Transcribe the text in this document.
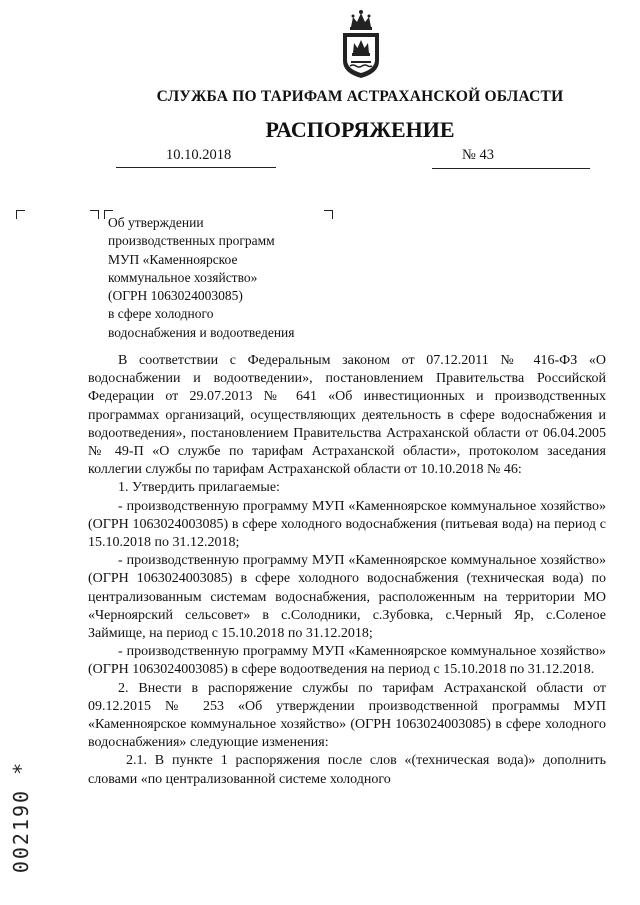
СЛУЖБА ПО ТАРИФАМ АСТРАХАНСКОЙ ОБЛАСТИ
РАСПОРЯЖЕНИЕ
10.10.2018	№ 43
Об утверждении
производственных программ
МУП «Каменноярское
коммунальное хозяйство»
(ОГРН 1063024003085)
в сфере холодного
водоснабжения и водоотведения

В соответствии с Федеральным законом от 07.12.2011 № 416-ФЗ «О водоснабжении и водоотведении», постановлением Правительства Российской Федерации от 29.07.2013 № 641 «Об инвестиционных и производственных программах организаций, осуществляющих деятельность в сфере водоснабжения и водоотведения», постановлением Правительства Астраханской области от 06.04.2005 № 49-П «О службе по тарифам Астраханской области», протоколом заседания коллегии службы по тарифам Астраханской области от 10.10.2018 № 46:

1. Утвердить прилагаемые:

- производственную программу МУП «Каменноярское коммунальное хозяйство» (ОГРН 1063024003085) в сфере холодного водоснабжения (питьевая вода) на период с 15.10.2018 по 31.12.2018;

- производственную программу МУП «Каменноярское коммунальное хозяйство» (ОГРН 1063024003085) в сфере холодного водоснабжения (техническая вода) по централизованным системам водоснабжения, расположенным на территории МО «Черноярский сельсовет» в с.Солодники, с.Зубовка, с.Черный Яр, с.Соленое Займище, на период с 15.10.2018 по 31.12.2018;

- производственную программу МУП «Каменноярское коммунальное хозяйство» (ОГРН 1063024003085) в сфере водоотведения на период с 15.10.2018 по 31.12.2018.

2. Внести в распоряжение службы по тарифам Астраханской области от 09.12.2015 № 253 «Об утверждении производственной программы МУП «Каменноярское коммунальное хозяйство» (ОГРН 1063024003085) в сфере холодного водоснабжения» следующие изменения:

2.1. В пункте 1 распоряжения после слов «(техническая вода)» дополнить словами «по централизованной системе холодного

002190 *
